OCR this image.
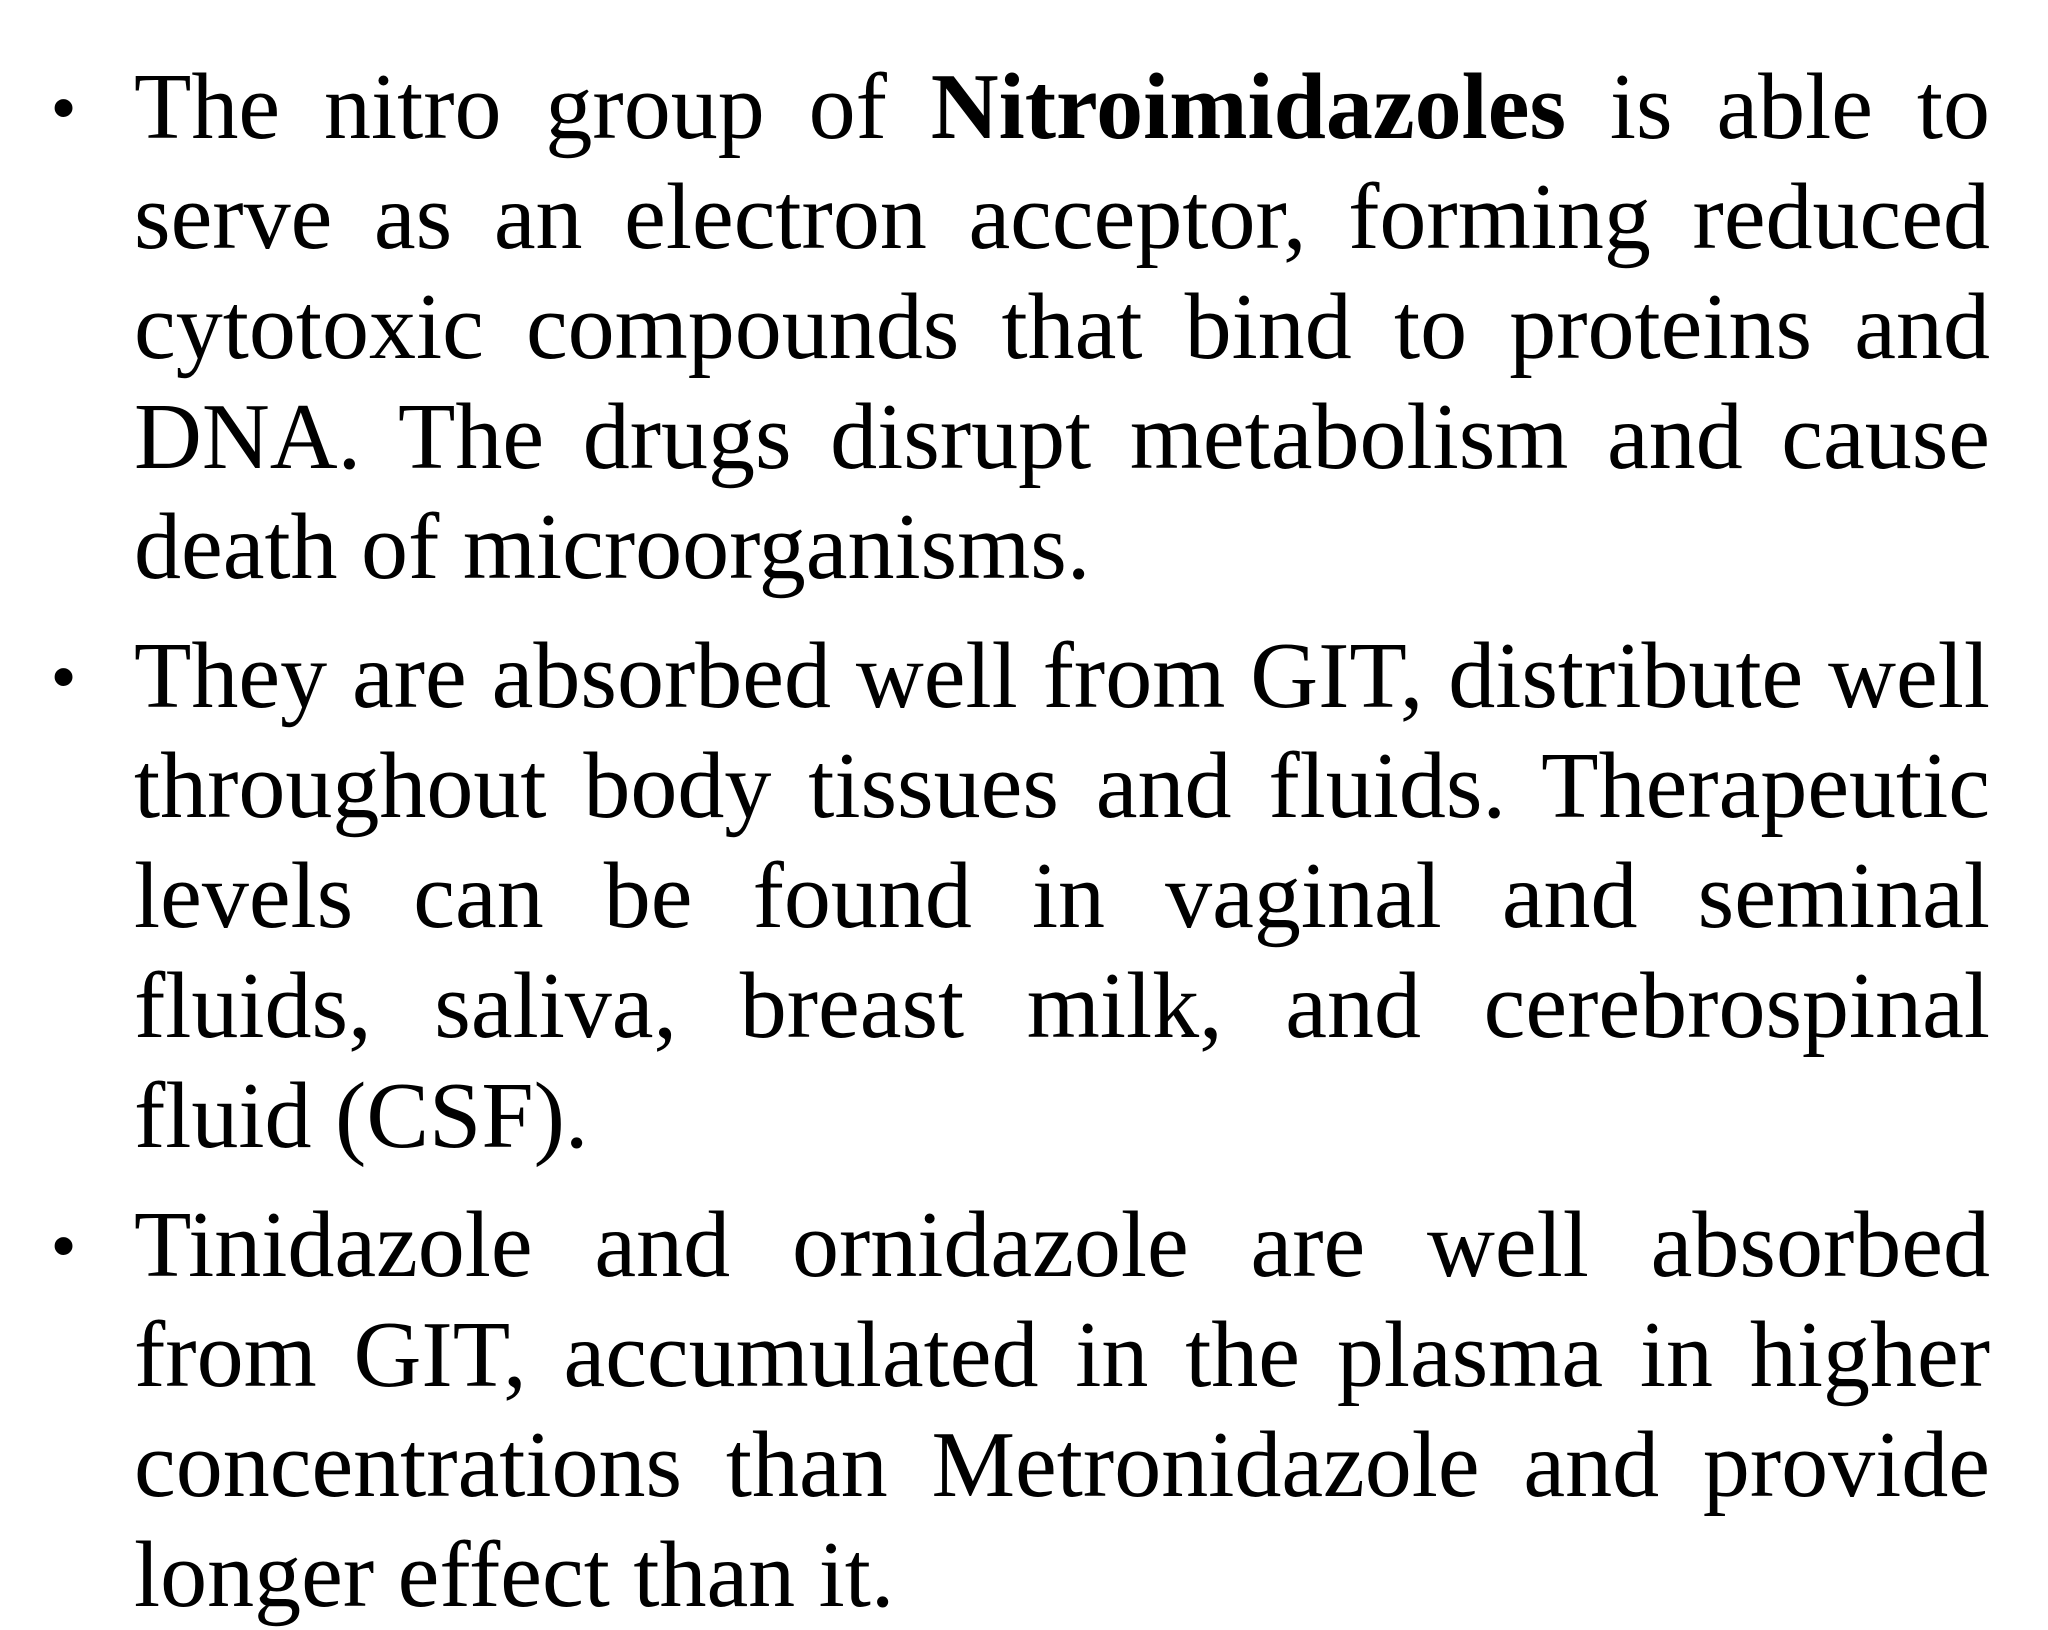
• The nitro group of Nitroimidazoles is able to serve as an electron acceptor, forming reduced cytotoxic compounds that bind to proteins and DNA. The drugs disrupt metabolism and cause death of microorganisms.
• They are absorbed well from GIT, distribute well throughout body tissues and fluids. Therapeutic levels can be found in vaginal and seminal fluids, saliva, breast milk, and cerebrospinal fluid (CSF).
• Tinidazole and ornidazole are well absorbed from GIT, accumulated in the plasma in higher concentrations than Metronidazole and provide longer effect than it.
